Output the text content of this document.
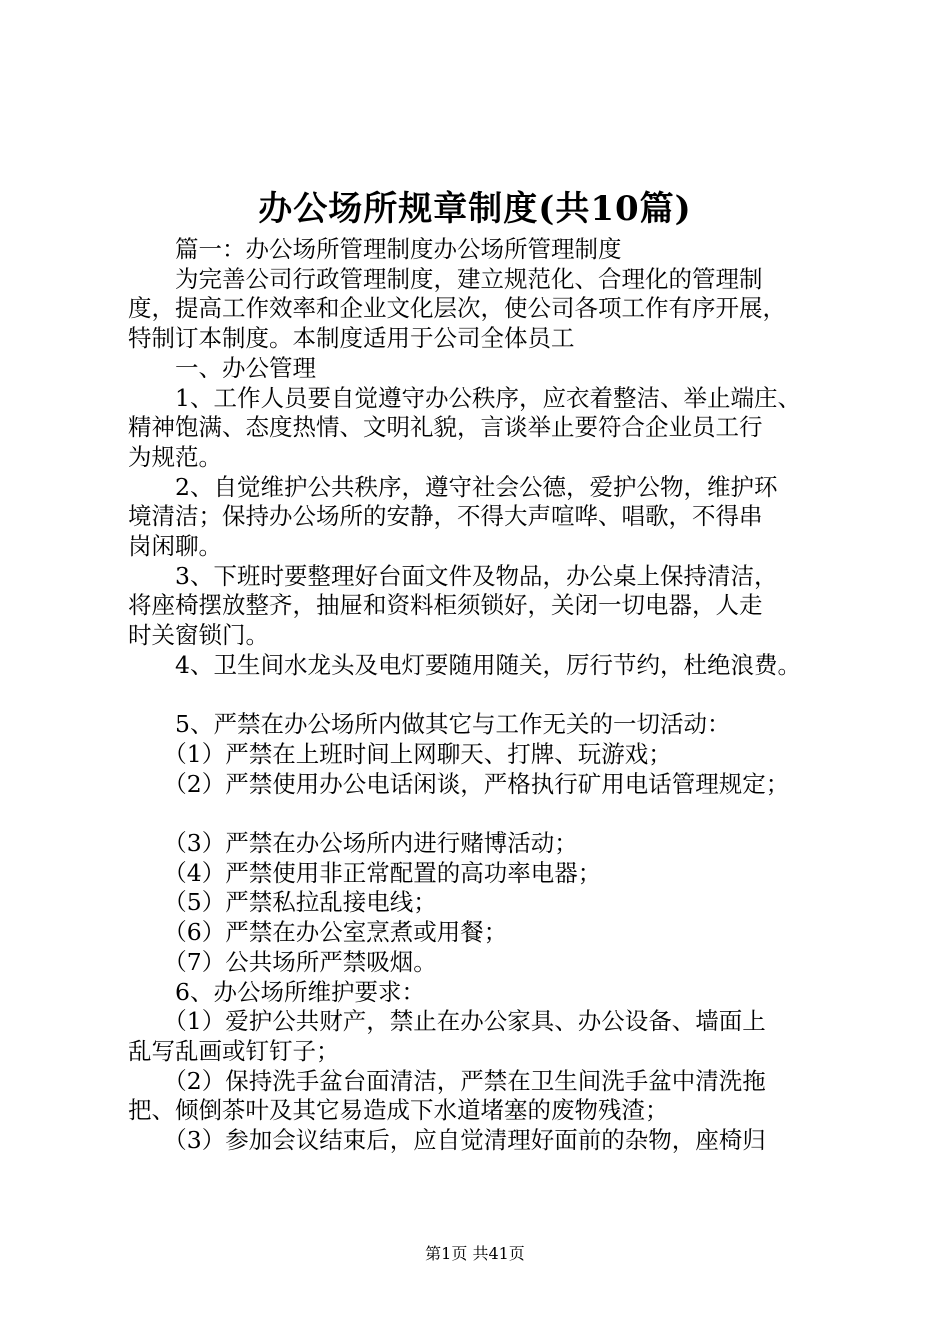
办公场所规章制度(共10篇)
篇一：办公场所管理制度办公场所管理制度
为完善公司行政管理制度，建立规范化、合理化的管理制
度，提高工作效率和企业文化层次，使公司各项工作有序开展，
特制订本制度。本制度适用于公司全体员工
一、办公管理
1、工作人员要自觉遵守办公秩序，应衣着整洁、举止端庄、
精神饱满、态度热情、文明礼貌，言谈举止要符合企业员工行
为规范。
2、自觉维护公共秩序，遵守社会公德，爱护公物，维护环
境清洁；保持办公场所的安静，不得大声喧哗、唱歌，不得串
岗闲聊。
3、下班时要整理好台面文件及物品，办公桌上保持清洁，
将座椅摆放整齐，抽屉和资料柜须锁好，关闭一切电器，人走
时关窗锁门。
4、卫生间水龙头及电灯要随用随关，厉行节约，杜绝浪费。
5、严禁在办公场所内做其它与工作无关的一切活动：
（1）严禁在上班时间上网聊天、打牌、玩游戏；
（2）严禁使用办公电话闲谈，严格执行矿用电话管理规定；
（3）严禁在办公场所内进行赌博活动；
（4）严禁使用非正常配置的高功率电器；
（5）严禁私拉乱接电线；
（6）严禁在办公室烹煮或用餐；
（7）公共场所严禁吸烟。
6、办公场所维护要求：
（1）爱护公共财产，禁止在办公家具、办公设备、墙面上
乱写乱画或钉钉子；
（2）保持洗手盆台面清洁，严禁在卫生间洗手盆中清洗拖
把、倾倒茶叶及其它易造成下水道堵塞的废物残渣；
（3）参加会议结束后，应自觉清理好面前的杂物，座椅归
第1页 共41页
